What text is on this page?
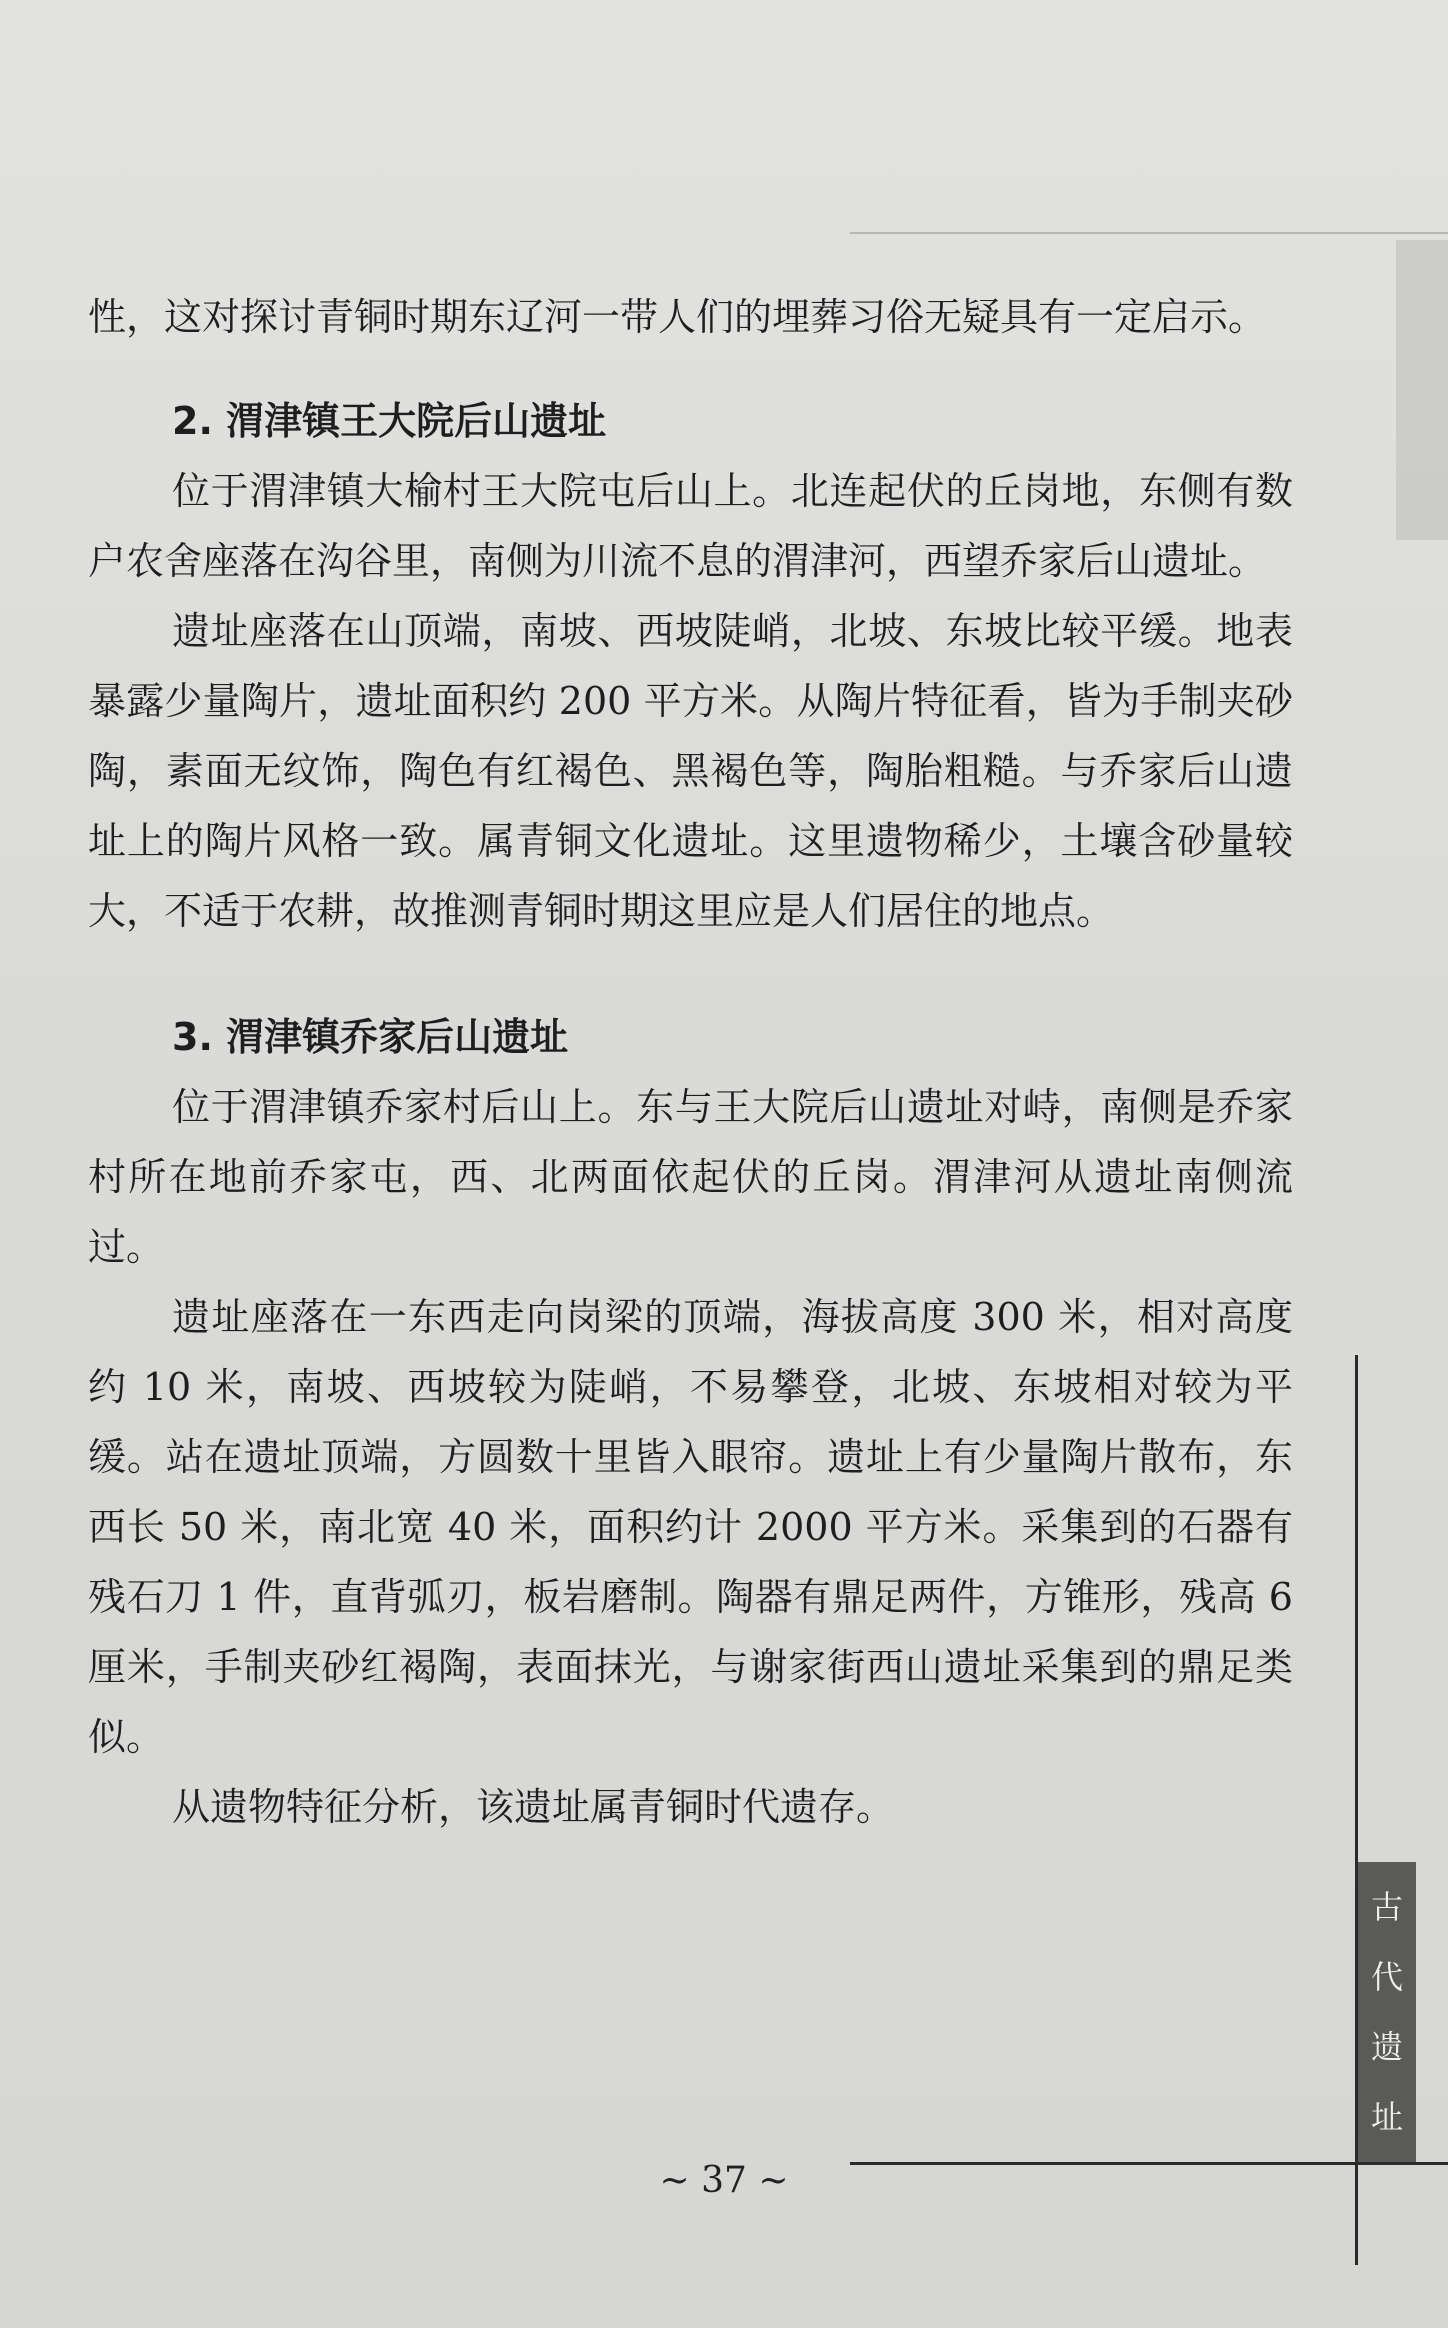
性，这对探讨青铜时期东辽河一带人们的埋葬习俗无疑具有一定启示。

2. 渭津镇王大院后山遗址

位于渭津镇大榆村王大院屯后山上。北连起伏的丘岗地，东侧有数户农舍座落在沟谷里，南侧为川流不息的渭津河，西望乔家后山遗址。

遗址座落在山顶端，南坡、西坡陡峭，北坡、东坡比较平缓。地表暴露少量陶片，遗址面积约 200 平方米。从陶片特征看，皆为手制夹砂陶，素面无纹饰，陶色有红褐色、黑褐色等，陶胎粗糙。与乔家后山遗址上的陶片风格一致。属青铜文化遗址。这里遗物稀少，土壤含砂量较大，不适于农耕，故推测青铜时期这里应是人们居住的地点。

3. 渭津镇乔家后山遗址

位于渭津镇乔家村后山上。东与王大院后山遗址对峙，南侧是乔家村所在地前乔家屯，西、北两面依起伏的丘岗。渭津河从遗址南侧流过。

遗址座落在一东西走向岗梁的顶端，海拔高度 300 米，相对高度约 10 米，南坡、西坡较为陡峭，不易攀登，北坡、东坡相对较为平缓。站在遗址顶端，方圆数十里皆入眼帘。遗址上有少量陶片散布，东西长 50 米，南北宽 40 米，面积约计 2000 平方米。采集到的石器有残石刀 1 件，直背弧刃，板岩磨制。陶器有鼎足两件，方锥形，残高 6 厘米，手制夹砂红褐陶，表面抹光，与谢家街西山遗址采集到的鼎足类似。

从遗物特征分析，该遗址属青铜时代遗存。

~ 37 ~
古
代
遗
址
